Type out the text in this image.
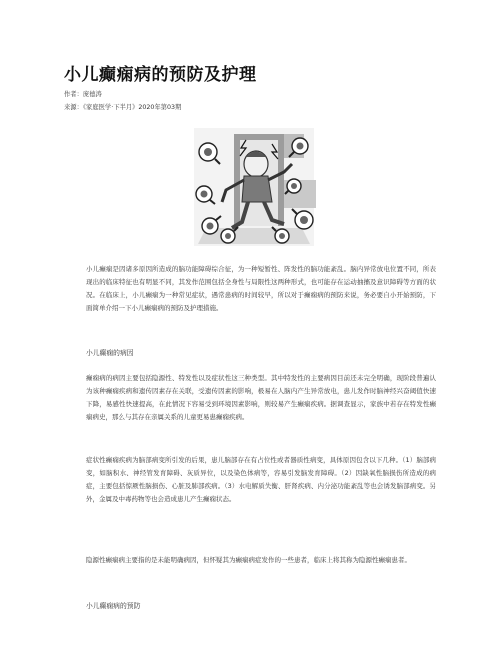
小儿癫痫病的预防及护理
作者：庞德涛
来源：《家庭医学·下半月》2020年第03期

小儿癫痫是因诸多原因所造成的脑功能障碍综合征，为一种短暂性、阵发性的脑功能紊乱。脑内异常放电位置不同，所表现出的临床特征也有明显不同，其发作范围包括全身性与局限性这两种形式，也可能存在运动抽搐及意识障碍等方面的状况。在临床上，小儿癫痫为一种常见症状，遇常患病的时间较早，所以对于癫痫病的预防来说，务必要自小开始预防，下面简单介绍一下小儿癫痫病的预防及护理措施。

小儿癫痫的病因

癫痫病的病因主要包括隐源性、特发性以及症状性这三种类型。其中特发性的主要病因目前还未完全明确，现阶段普遍认为该种癫痫疾病和遗传因素存在关联，受遗传因素的影响，极易在人脑内产生异常放电，患儿发作时脑神经兴奋阈值快速下降，易感性快速提高，在此情况下容易受到环境因素影响，则较易产生癫痫疾病。据调查显示，家族中若存在特发性癫痫病史，那么与其存在亲属关系的儿童更易患癫痫疾病。

症状性癫痫疾病为脑部病变所引发的后果，患儿脑部存在有占位性或者器质性病变，具体原因包含以下几种。（1）脑部病变，如脑积水、神经管发育障碍、灰质异位，以及染色体病等，容易引发脑发育障碍。（2）因缺氧性脑损伤所造成的病症，主要包括惊厥性脑损伤、心脏及肺部疾病。（3）水电解质失衡、肝肾疾病、内分泌功能紊乱等也会诱发脑部病变。另外，金属及中毒药物等也会造成患儿产生癫痫状态。

隐源性癫痫病主要指的是未能明确病因，但怀疑其为癫痫病症发作的一些患者，临床上将其称为隐源性癫痫患者。

小儿癫痫病的预防
